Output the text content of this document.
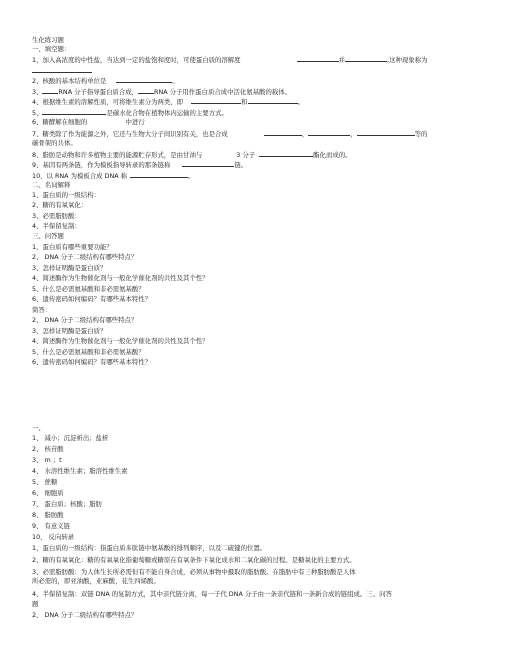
生化练习题
一、填空题：
1、加入高浓度的中性盐，当达到一定的盐饱和度时，可使蛋白质的溶解度	并	,这种现象称为
2、核酸的基本结构单位是	。
3、	RNA 分子指导蛋白质合成，	RNA 分子用作蛋白质合成中活化氨基酸的载体。
4、根据维生素的溶解性质，可将维生素分为两类，即	和	。
5、	是碳水化合物在植物体内运输的主要方式。
6、糖酵解在细胞的　　　　　　中进行
7、糖类除了作为能源之外，它还与生物大分子间识别有关，也是合成	，	，	等的
碳骨架的共体。
8、脂肪是动物和许多植物主要的能源贮存形式，是由甘油与	3 分子	酯化而成的。
9、基因有两条链，作为模板指导转录的那条链称	链。
10、以 RNA 为模板合成 DNA 称	。
二、名词解释
1、蛋白质的一级结构：
2、糖的有氧氧化：
3、必需脂肪酸：
4、半保留复制：
三、问答题
1、蛋白质有哪些重要功能？
2、 DNA 分子二级结构有哪些特点？
3、怎样证明酶是蛋白质？
4、简述酶作为生物催化剂与一般化学催化剂的共性及其个性？
5、什么是必需氨基酸和非必需氨基酸？
6、遗传密码如何编码？有哪些基本特性？
简答：
2、 DNA 分子二级结构有哪些特点？
3、怎样证明酶是蛋白质？
4、简述酶作为生物催化剂与一般化学催化剂的共性及其个性？
5、什么是必需氨基酸和非必需氨基酸？
6、遗传密码如何编码？有哪些基本特性？
一、
1、 减小；沉淀析出；盐析
2、 核苷酸
3、 m ；t
4、 水溶性维生素；脂溶性维生素
5、 蔗糖
6、 细胞质
7、 蛋白质；核酸；脂肪
8、 脂肪酸
9、 有意义链
10、 反向转录
1、蛋白质的一级结构：指蛋白质多肽链中氨基酸的排列顺序，以及二硫键的位置。
2、糖的有氧氧化：糖的有氧氧化指葡萄糖或糖原在有氧条件下氧化成水和二氧化碳的过程。是糖氧化的主要方式。
3、必需脂肪酸：为人体生长所必需但有不能自身合成，必须从事物中摄取的脂肪酸。在脂肪中有三种脂肪酸是人体
所必需的，即亚油酸，亚麻酸，花生四烯酸。
4、半保留复制：双链 DNA 的复制方式，其中亲代链分离，每一子代 DNA 分子由一条亲代链和一条新合成的链组成。三、问答
题
2、 DNA 分子二级结构有哪些特点？
